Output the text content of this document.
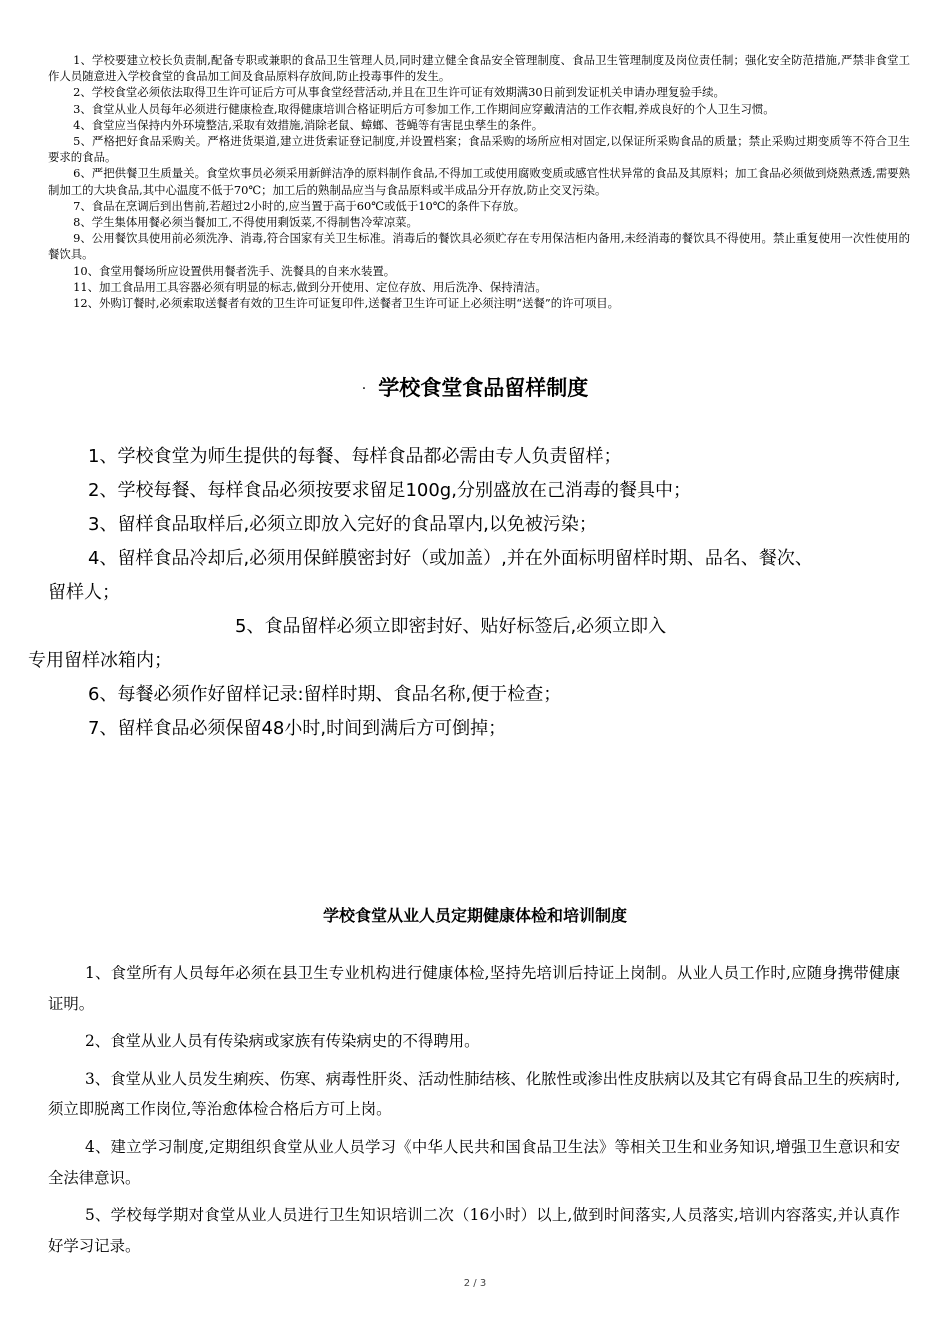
1、学校要建立校长负责制,配备专职或兼职的食品卫生管理人员,同时建立健全食品安全管理制度、食品卫生管理制度及岗位责任制；强化安全防范措施,严禁非食堂工作人员随意进入学校食堂的食品加工间及食品原料存放间,防止投毒事件的发生。

2、学校食堂必须依法取得卫生许可证后方可从事食堂经营活动,并且在卫生许可证有效期满30日前到发证机关申请办理复验手续。

3、食堂从业人员每年必须进行健康检查,取得健康培训合格证明后方可参加工作,工作期间应穿戴清洁的工作衣帽,养成良好的个人卫生习惯。

4、食堂应当保持内外环境整洁,采取有效措施,消除老鼠、蟑螂、苍蝇等有害昆虫孳生的条件。

5、严格把好食品采购关。严格进货渠道,建立进货索证登记制度,并设置档案；食品采购的场所应相对固定,以保证所采购食品的质量；禁止采购过期变质等不符合卫生要求的食品。

6、严把供餐卫生质量关。食堂炊事员必须采用新鲜洁净的原料制作食品,不得加工或使用腐败变质或感官性状异常的食品及其原料；加工食品必须做到烧熟煮透,需要熟制加工的大块食品,其中心温度不低于70℃；加工后的熟制品应当与食品原料或半成品分开存放,防止交叉污染。

7、食品在烹调后到出售前,若超过2小时的,应当置于高于60℃或低于10℃的条件下存放。

8、学生集体用餐必须当餐加工,不得使用剩饭菜,不得制售冷荤凉菜。

9、公用餐饮具使用前必须洗净、消毒,符合国家有关卫生标准。消毒后的餐饮具必须贮存在专用保洁柜内备用,未经消毒的餐饮具不得使用。禁止重复使用一次性使用的餐饮具。

10、食堂用餐场所应设置供用餐者洗手、洗餐具的自来水装置。

11、加工食品用工具容器必须有明显的标志,做到分开使用、定位存放、用后洗净、保持清洁。

12、外购订餐时,必须索取送餐者有效的卫生许可证复印件,送餐者卫生许可证上必须注明“送餐”的许可项目。

· 学校食堂食品留样制度

1、学校食堂为师生提供的每餐、每样食品都必需由专人负责留样；

2、学校每餐、每样食品必须按要求留足100g,分别盛放在己消毒的餐具中；

3、留样食品取样后,必须立即放入完好的食品罩内,以免被污染；

4、留样食品冷却后,必须用保鲜膜密封好（或加盖）,并在外面标明留样时期、品名、餐次、

留样人；

5、食品留样必须立即密封好、贴好标签后,必须立即入

专用留样冰箱内；

6、每餐必须作好留样记录:留样时期、食品名称,便于检查；

7、留样食品必须保留48小时,时间到满后方可倒掉；

学校食堂从业人员定期健康体检和培训制度

1、食堂所有人员每年必须在县卫生专业机构进行健康体检,坚持先培训后持证上岗制。从业人员工作时,应随身携带健康证明。

2、食堂从业人员有传染病或家族有传染病史的不得聘用。

3、食堂从业人员发生痢疾、伤寒、病毒性肝炎、活动性肺结核、化脓性或渗出性皮肤病以及其它有碍食品卫生的疾病时,须立即脱离工作岗位,等治愈体检合格后方可上岗。

4、建立学习制度,定期组织食堂从业人员学习《中华人民共和国食品卫生法》等相关卫生和业务知识,增强卫生意识和安全法律意识。

5、学校每学期对食堂从业人员进行卫生知识培训二次（16小时）以上,做到时间落实,人员落实,培训内容落实,并认真作好学习记录。

2 / 3
